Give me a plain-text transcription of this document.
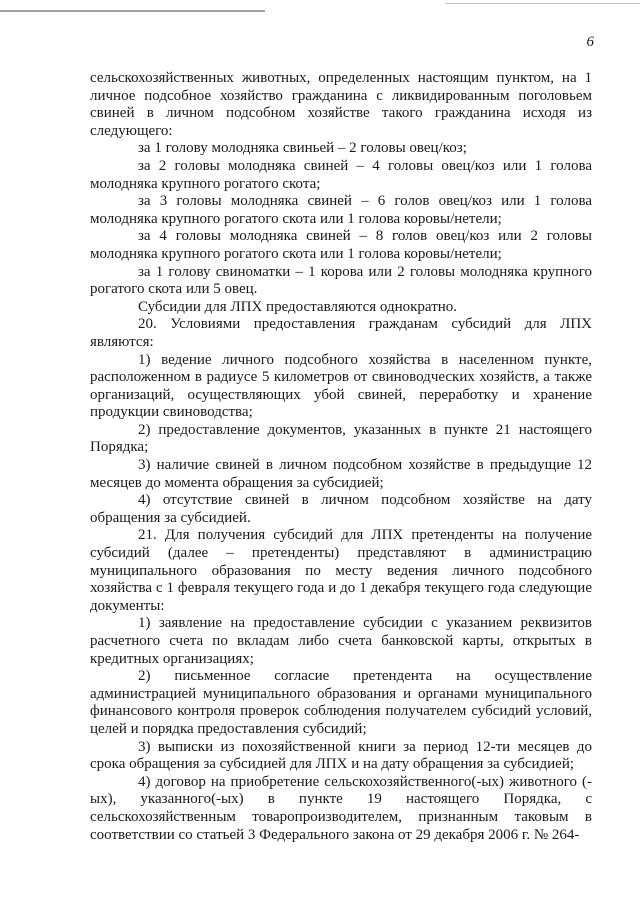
6

сельскохозяйственных животных, определенных настоящим пунктом, на 1 личное подсобное хозяйство гражданина с ликвидированным поголовьем свиней в личном подсобном хозяйстве такого гражданина исходя из следующего:

за 1 голову молодняка свиньей – 2 головы овец/коз;

за 2 головы молодняка свиней – 4 головы овец/коз или 1 голова молодняка крупного рогатого скота;

за 3 головы молодняка свиней – 6 голов овец/коз или 1 голова молодняка крупного рогатого скота или 1 голова коровы/нетели;

за 4 головы молодняка свиней – 8 голов овец/коз или 2 головы молодняка крупного рогатого скота или 1 голова коровы/нетели;

за 1 голову свиноматки – 1 корова или 2 головы молодняка крупного рогатого скота или 5 овец.

Субсидии для ЛПХ предоставляются однократно.

20. Условиями предоставления гражданам субсидий для ЛПХ являются:

1) ведение личного подсобного хозяйства в населенном пункте, расположенном в радиусе 5 километров от свиноводческих хозяйств, а также организаций, осуществляющих убой свиней, переработку и хранение продукции свиноводства;

2) предоставление документов, указанных в пункте 21 настоящего Порядка;

3) наличие свиней в личном подсобном хозяйстве в предыдущие 12 месяцев до момента обращения за субсидией;

4) отсутствие свиней в личном подсобном хозяйстве на дату обращения за субсидией.

21. Для получения субсидий для ЛПХ претенденты на получение субсидий (далее – претенденты) представляют в администрацию муниципального образования по месту ведения личного подсобного хозяйства с 1 февраля текущего года и до 1 декабря текущего года следующие документы:

1) заявление на предоставление субсидии с указанием реквизитов расчетного счета по вкладам либо счета банковской карты, открытых в кредитных организациях;

2) письменное согласие претендента на осуществление администрацией муниципального образования и органами муниципального финансового контроля проверок соблюдения получателем субсидий условий, целей и порядка предоставления субсидий;

3) выписки из похозяйственной книги за период 12-ти месяцев до срока обращения за субсидией для ЛПХ и на дату обращения за субсидией;

4) договор на приобретение сельскохозяйственного(-ых) животного (-ых), указанного(-ых) в пункте 19 настоящего Порядка, с сельскохозяйственным товаропроизводителем, признанным таковым в соответствии со статьей 3 Федерального закона от 29 декабря 2006 г. № 264-
